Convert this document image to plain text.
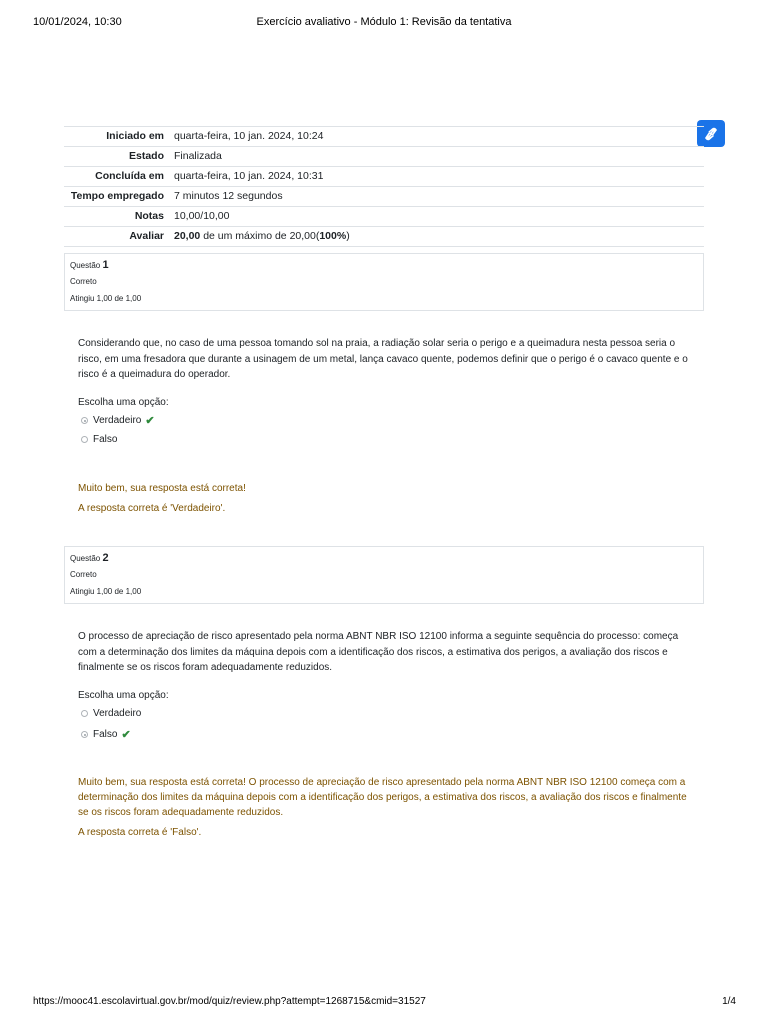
10/01/2024, 10:30	Exercício avaliativo - Módulo 1: Revisão da tentativa
Iniciado em	quarta-feira, 10 jan. 2024, 10:24
Estado	Finalizada
Concluída em	quarta-feira, 10 jan. 2024, 10:31
Tempo empregado	7 minutos 12 segundos
Notas	10,00/10,00
Avaliar	20,00 de um máximo de 20,00(100%)
Questão 1
Correto
Atingiu 1,00 de 1,00
Considerando que, no caso de uma pessoa tomando sol na praia, a radiação solar seria o perigo e a queimadura nesta pessoa seria o risco, em uma fresadora que durante a usinagem de um metal, lança cavaco quente, podemos definir que o perigo é o cavaco quente e o risco é a queimadura do operador.
Escolha uma opção:
Verdadeiro ✔
Falso
Muito bem, sua resposta está correta!
A resposta correta é 'Verdadeiro'.
Questão 2
Correto
Atingiu 1,00 de 1,00
O processo de apreciação de risco apresentado pela norma ABNT NBR ISO 12100 informa a seguinte sequência do processo: começa com a determinação dos limites da máquina depois com a identificação dos riscos, a estimativa dos perigos, a avaliação dos riscos e finalmente se os riscos foram adequadamente reduzidos.
Escolha uma opção:
Verdadeiro
Falso ✔
Muito bem, sua resposta está correta! O processo de apreciação de risco apresentado pela norma ABNT NBR ISO 12100 começa com a determinação dos limites da máquina depois com a identificação dos perigos, a estimativa dos riscos, a avaliação dos riscos e finalmente se os riscos foram adequadamente reduzidos.
A resposta correta é 'Falso'.
https://mooc41.escolavirtual.gov.br/mod/quiz/review.php?attempt=1268715&cmid=31527	1/4
